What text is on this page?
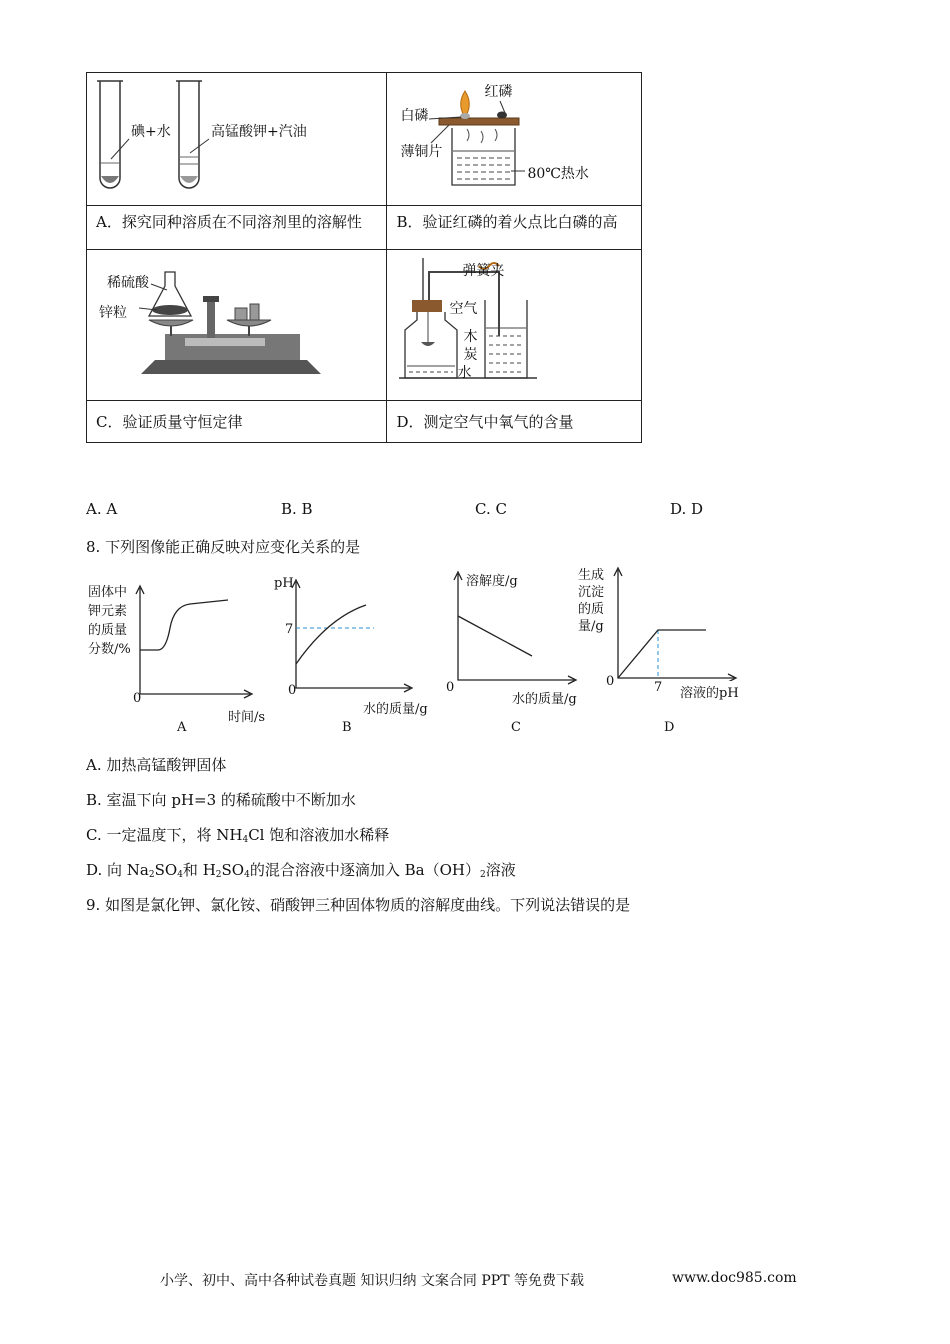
碘+水 高锰酸钾+汽油	红磷
白磷
薄铜片
80℃热水

A．探究同种溶质在不同溶剂里的溶解性	B．验证红磷的着火点比白磷的高

稀硫酸
锌粒	弹簧夹
空气
木
炭
水

C．验证质量守恒定律	D．测定空气中氧气的含量
A. A	B. B	C. C	D. D
8. 下列图像能正确反映对应变化关系的是
固体中
钾元素
的质量
分数/%
0
时间/s
A
pH
7
0
水的质量/g
B
溶解度/g
0
水的质量/g
C
生成
沉淀
的质
量/g
0	7 溶液的pH
D
A. 加热高锰酸钾固体
B. 室温下向 pH=3 的稀硫酸中不断加水
C. 一定温度下，将 $NH_4Cl$ 饱和溶液加水稀释
D. 向 $Na_2SO_4$和 $H_2SO_4$的混合溶液中逐滴加入 $Ba(OH)_2$溶液
9. 如图是氯化钾、氯化铵、硝酸钾三种固体物质的溶解度曲线。下列说法错误的是
小学、初中、高中各种试卷真题 知识归纳 文案合同 PPT 等免费下载	www.doc985.com
